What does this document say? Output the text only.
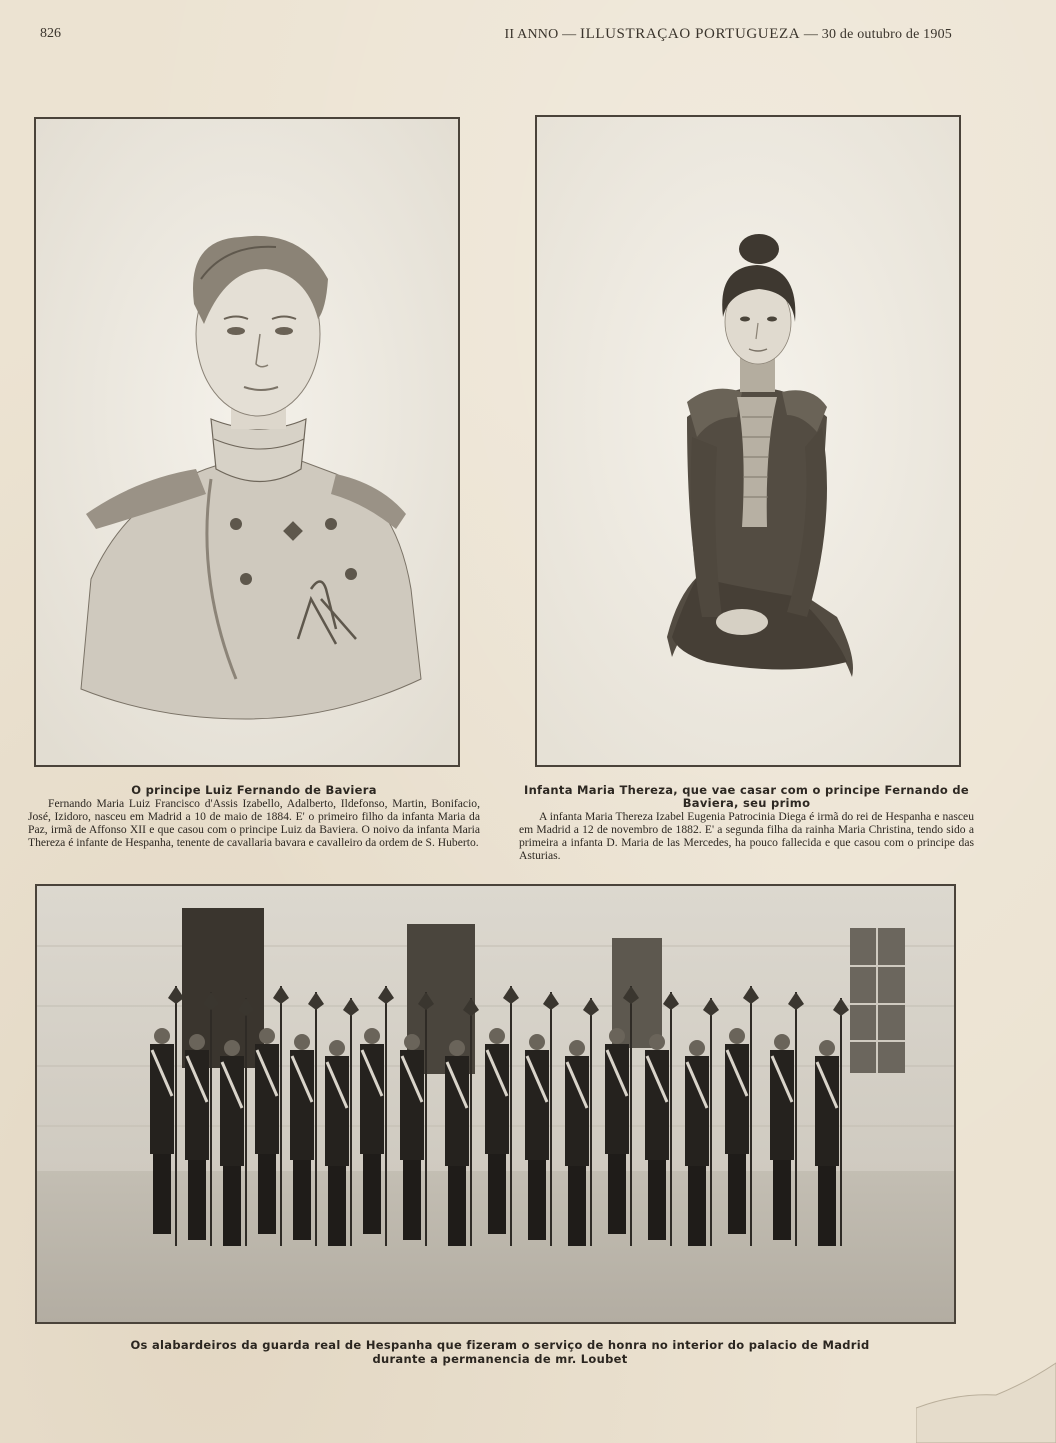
826	II ANNO — ILLUSTRAÇAO PORTUGUEZA — 30 de outubro de 1905
O principe Luiz Fernando de Baviera
Fernando Maria Luiz Francisco d'Assis Izabello, Adalberto, Ildefonso, Martin, Bonifacio, José, Izidoro, nasceu em Madrid a 10 de maio de 1884. E' o primeiro filho da infanta Maria da Paz, irmã de Affonso XII e que casou com o principe Luiz da Baviera. O noivo da infanta Maria Thereza é infante de Hespanha, tenente de cavallaria bavara e cavalleiro da ordem de S. Huberto.
Infanta Maria Thereza, que vae casar com o principe Fernando de Baviera, seu primo
A infanta Maria Thereza Izabel Eugenia Patrocinia Diega é irmã do rei de Hespanha e nasceu em Madrid a 12 de novembro de 1882. E' a segunda filha da rainha Maria Christina, tendo sido a primeira a infanta D. Maria de las Mercedes, ha pouco fallecida e que casou com o principe das Asturias.
Os alabardeiros da guarda real de Hespanha que fizeram o serviço de honra no interior do palacio de Madrid
durante a permanencia de mr. Loubet
